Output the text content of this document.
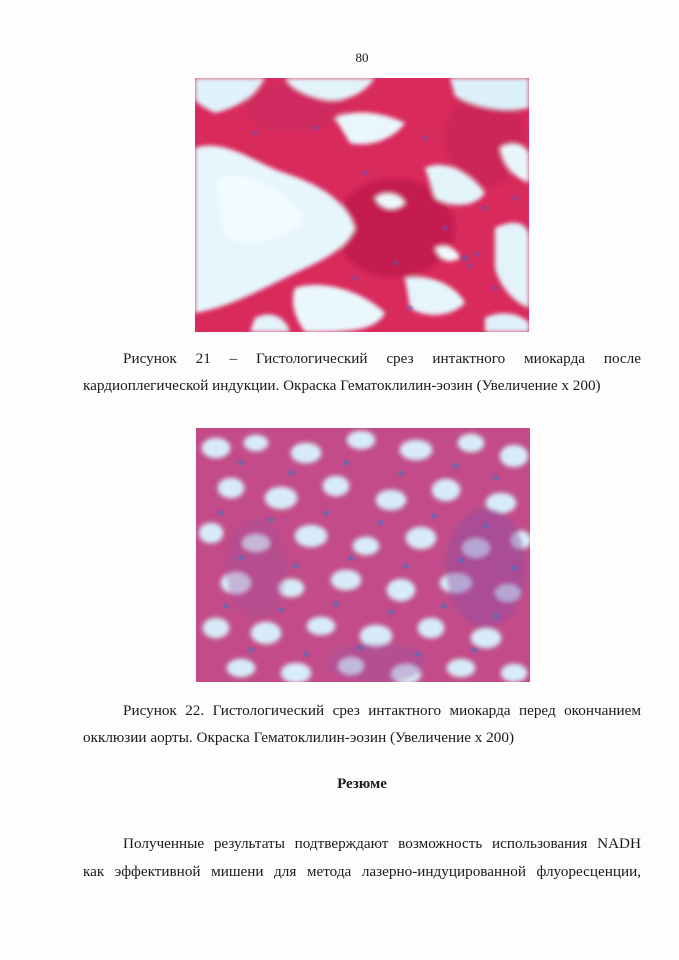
80
Рисунок 21 – Гистологический срез интактного миокарда после
кардиоплегической индукции. Окраска Гематоклилин-эозин (Увеличение х 200)
Рисунок 22. Гистологический срез интактного миокарда перед окончанием
окклюзии аорты. Окраска Гематоклилин-эозин (Увеличение х 200)
Резюме
Полученные результаты подтверждают возможность использования NADH
как эффективной мишени для метода лазерно-индуцированной флуоресценции,
